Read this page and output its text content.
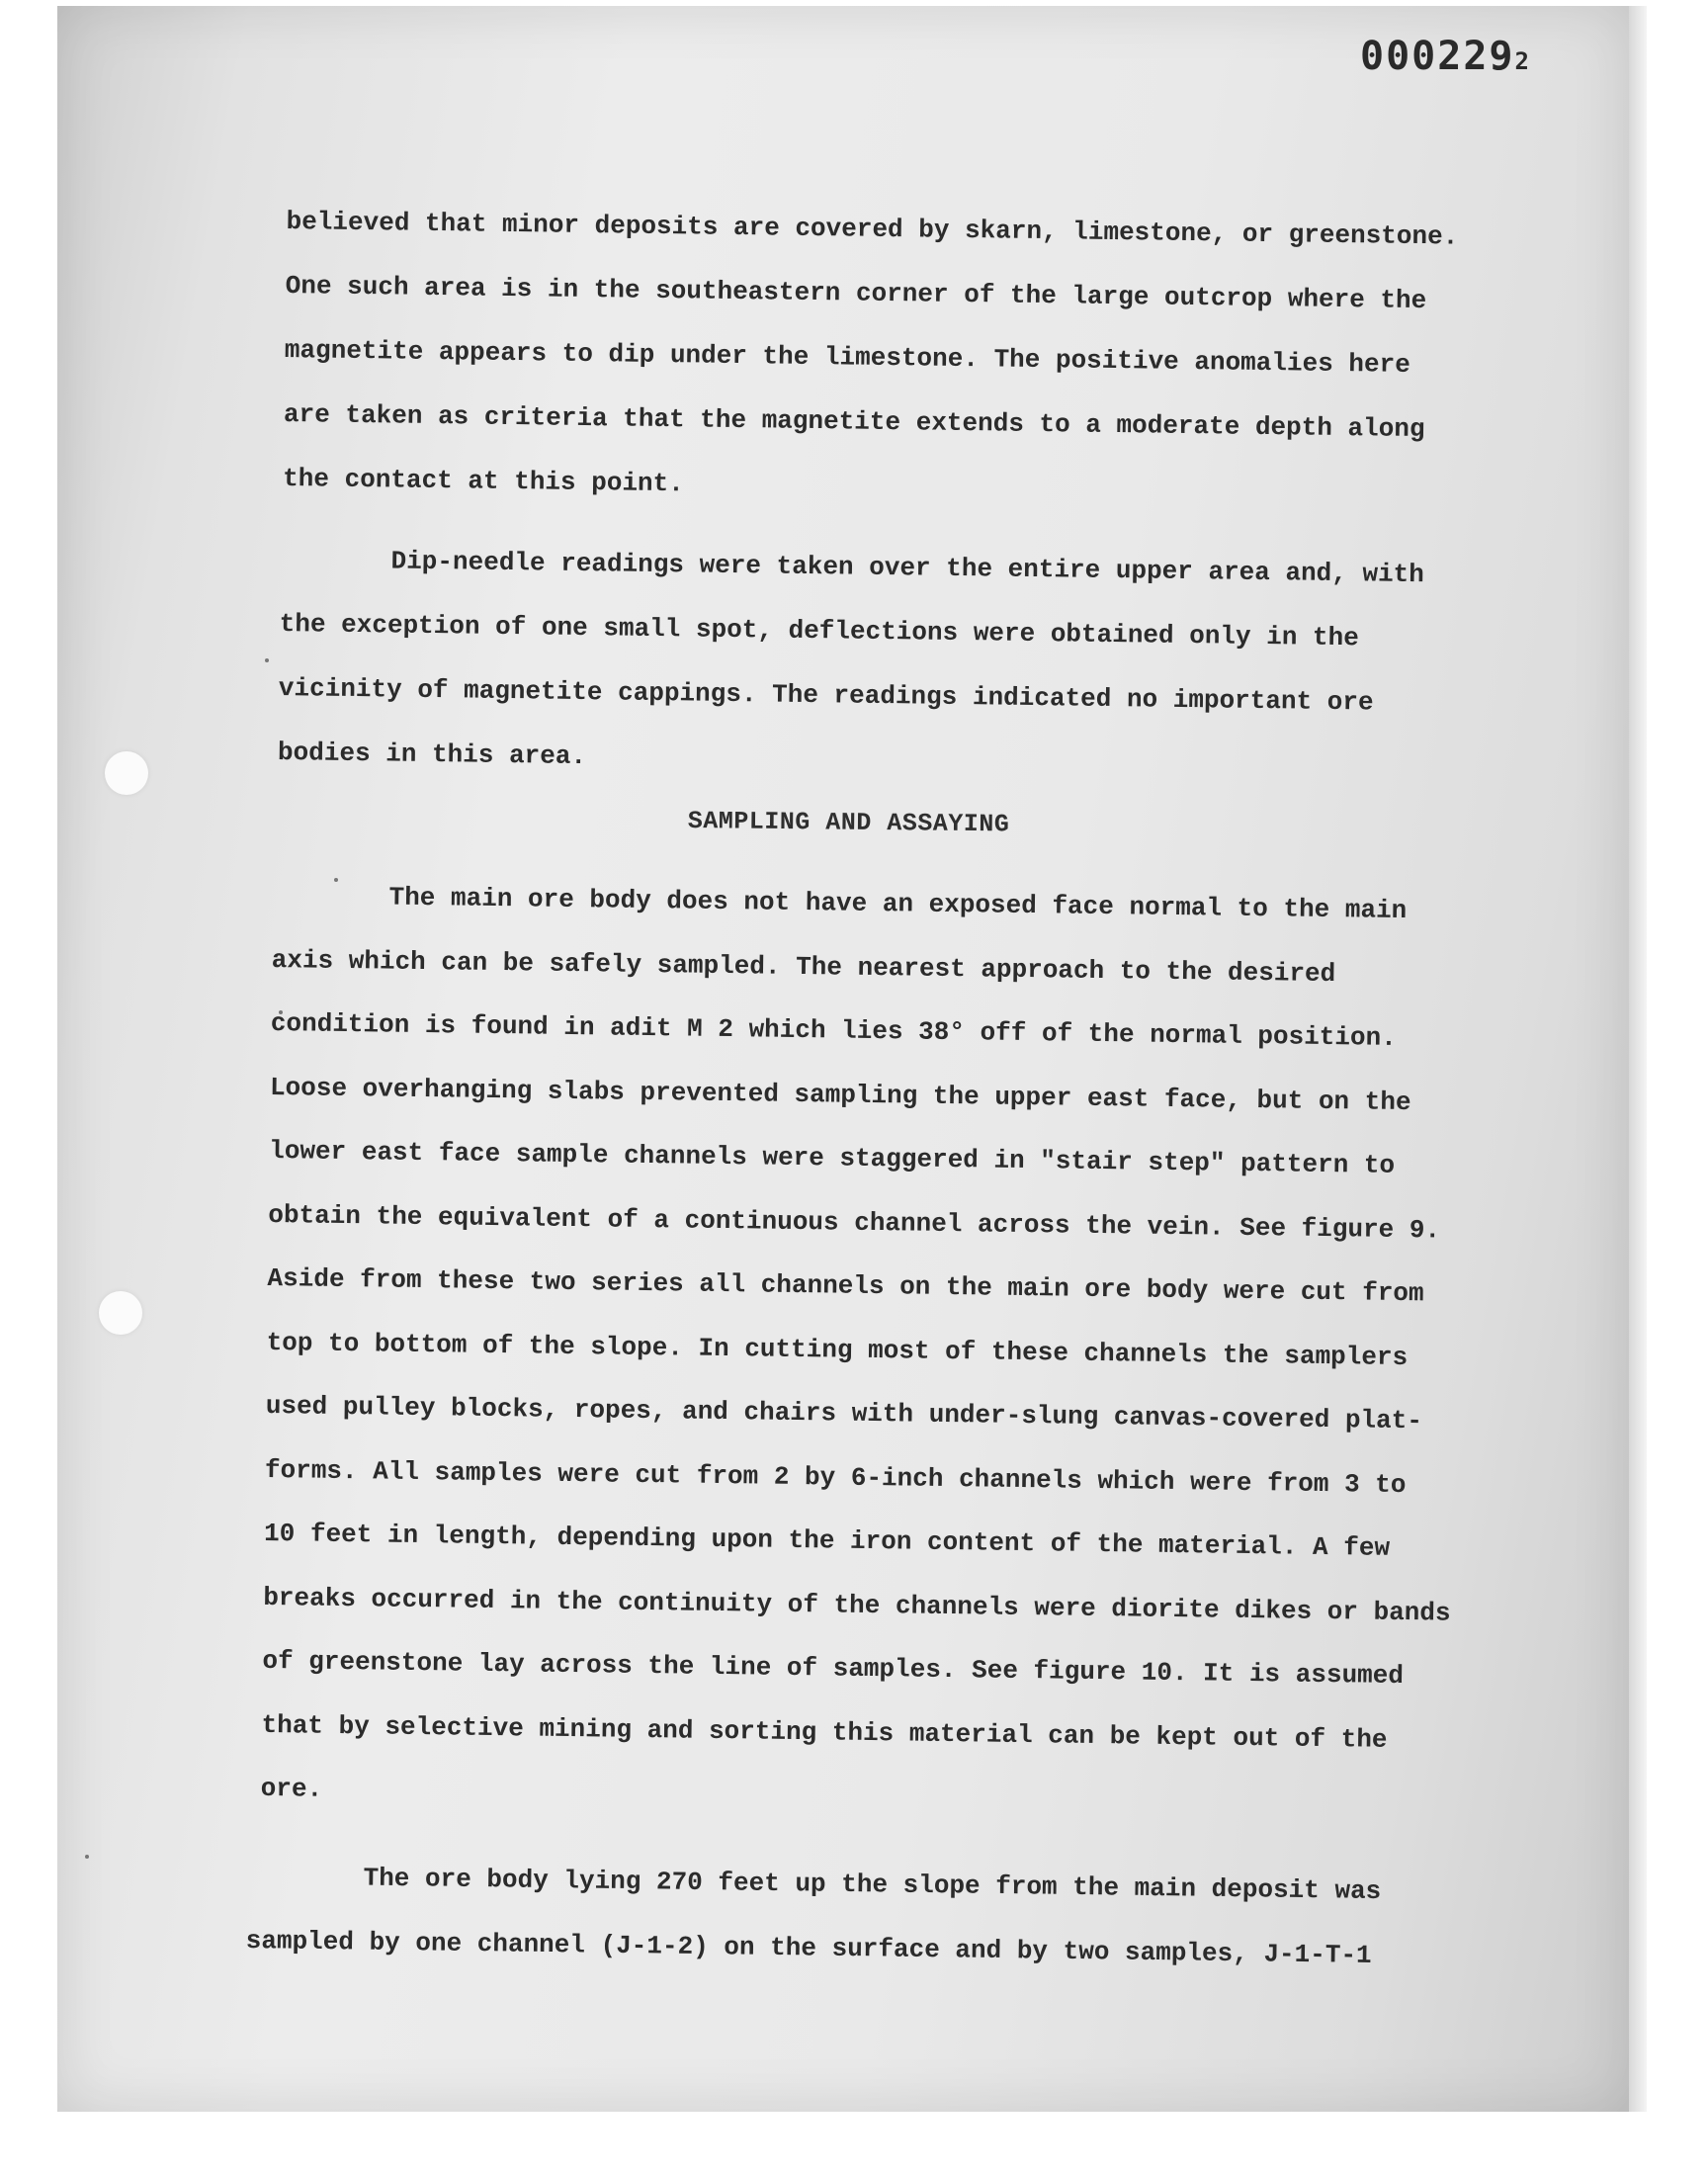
0002292
believed that minor deposits are covered by skarn, limestone, or greenstone.
One such area is in the southeastern corner of the large outcrop where the
magnetite appears to dip under the limestone. The positive anomalies here
are taken as criteria that the magnetite extends to a moderate depth along
the contact at this point.
Dip-needle readings were taken over the entire upper area and, with
the exception of one small spot, deflections were obtained only in the
vicinity of magnetite cappings. The readings indicated no important ore
bodies in this area.
SAMPLING AND ASSAYING
The main ore body does not have an exposed face normal to the main
axis which can be safely sampled. The nearest approach to the desired
condition is found in adit M 2 which lies 38° off of the normal position.
Loose overhanging slabs prevented sampling the upper east face, but on the
lower east face sample channels were staggered in "stair step" pattern to
obtain the equivalent of a continuous channel across the vein. See figure 9.
Aside from these two series all channels on the main ore body were cut from
top to bottom of the slope. In cutting most of these channels the samplers
used pulley blocks, ropes, and chairs with under-slung canvas-covered plat-
forms. All samples were cut from 2 by 6-inch channels which were from 3 to
10 feet in length, depending upon the iron content of the material. A few
breaks occurred in the continuity of the channels were diorite dikes or bands
of greenstone lay across the line of samples. See figure 10. It is assumed
that by selective mining and sorting this material can be kept out of the
ore.
The ore body lying 270 feet up the slope from the main deposit was
sampled by one channel (J-1-2) on the surface and by two samples, J-1-T-1
